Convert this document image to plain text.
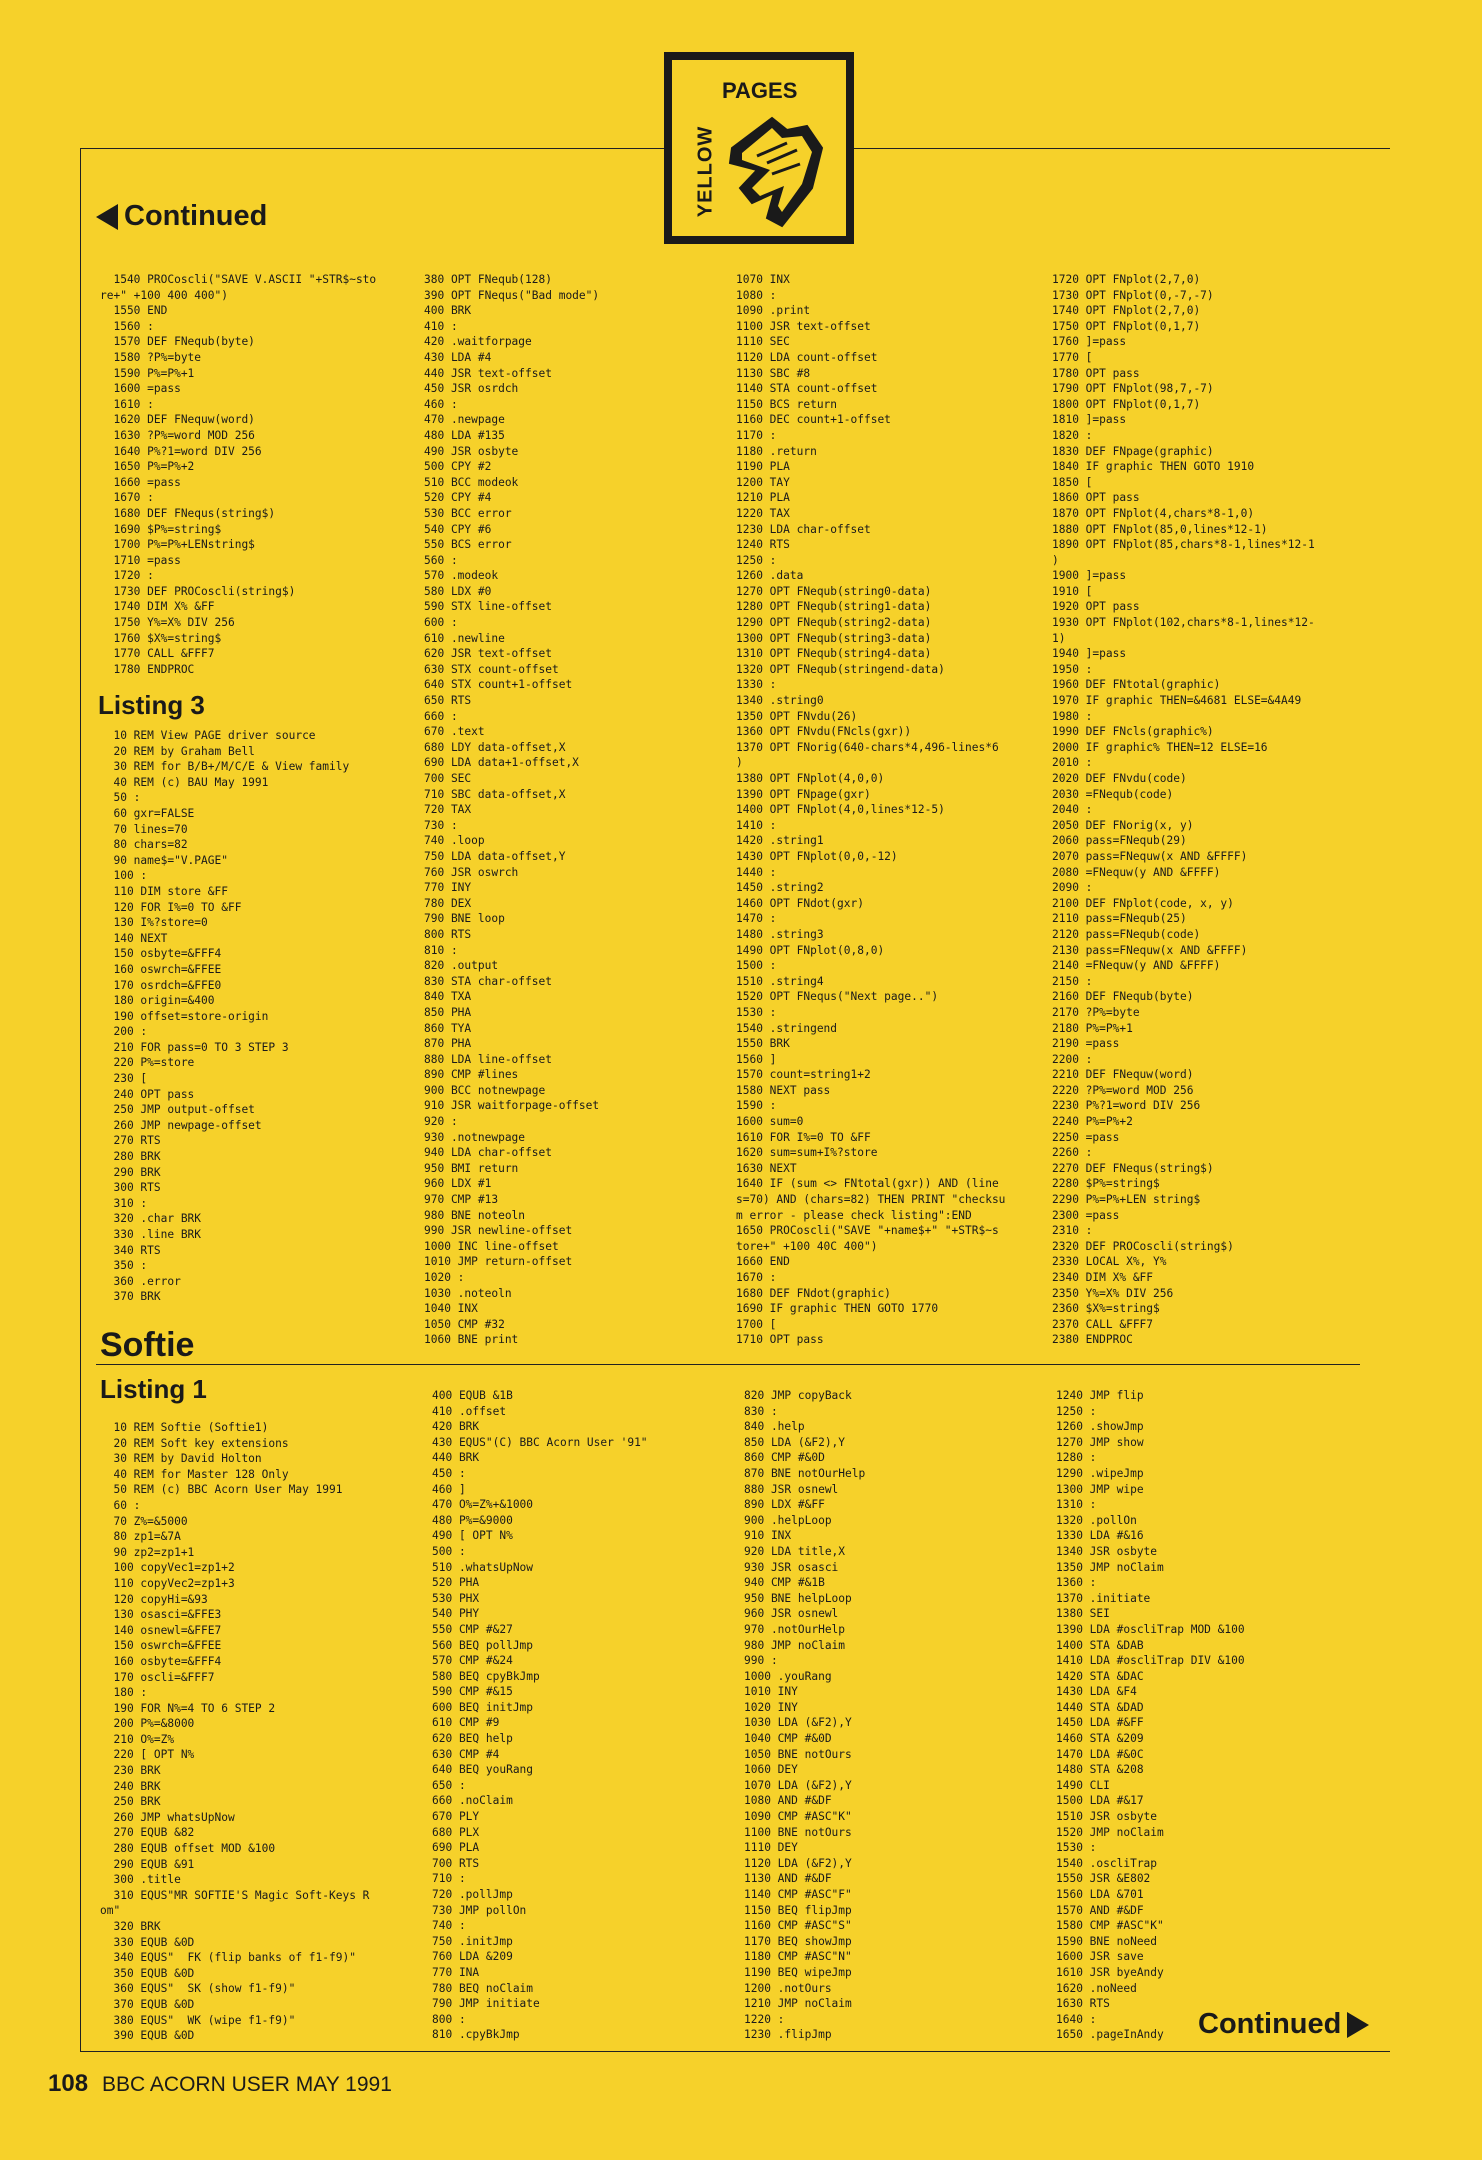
PAGES
YELLOW
Continued
1540 PROCoscli("SAVE V.ASCII "+STR$~sto
re+" +100 400 400")
1550 END
1560 :
1570 DEF FNequb(byte)
1580 ?P%=byte
1590 P%=P%+1
1600 =pass
1610 :
1620 DEF FNequw(word)
1630 ?P%=word MOD 256
1640 P%?1=word DIV 256
1650 P%=P%+2
1660 =pass
1670 :
1680 DEF FNequs(string$)
1690 $P%=string$
1700 P%=P%+LENstring$
1710 =pass
1720 :
1730 DEF PROCoscli(string$)
1740 DIM X% &FF
1750 Y%=X% DIV 256
1760 $X%=string$
1770 CALL &FFF7
1780 ENDPROC
Listing 3
10 REM View PAGE driver source
20 REM by Graham Bell
30 REM for B/B+/M/C/E & View family
40 REM (c) BAU May 1991
50 :
60 gxr=FALSE
70 lines=70
80 chars=82
90 name$="V.PAGE"
100 :
110 DIM store &FF
120 FOR I%=0 TO &FF
130 I%?store=0
140 NEXT
150 osbyte=&FFF4
160 oswrch=&FFEE
170 osrdch=&FFE0
180 origin=&400
190 offset=store-origin
200 :
210 FOR pass=0 TO 3 STEP 3
220 P%=store
230 [
240 OPT pass
250 JMP output-offset
260 JMP newpage-offset
270 RTS
280 BRK
290 BRK
300 RTS
310 :
320 .char BRK
330 .line BRK
340 RTS
350 :
360 .error
370 BRK
380 OPT FNequb(128)
390 OPT FNequs("Bad mode")
400 BRK
410 :
420 .waitforpage
430 LDA #4
440 JSR text-offset
450 JSR osrdch
460 :
470 .newpage
480 LDA #135
490 JSR osbyte
500 CPY #2
510 BCC modeok
520 CPY #4
530 BCC error
540 CPY #6
550 BCS error
560 :
570 .modeok
580 LDX #0
590 STX line-offset
600 :
610 .newline
620 JSR text-offset
630 STX count-offset
640 STX count+1-offset
650 RTS
660 :
670 .text
680 LDY data-offset,X
690 LDA data+1-offset,X
700 SEC
710 SBC data-offset,X
720 TAX
730 :
740 .loop
750 LDA data-offset,Y
760 JSR oswrch
770 INY
780 DEX
790 BNE loop
800 RTS
810 :
820 .output
830 STA char-offset
840 TXA
850 PHA
860 TYA
870 PHA
880 LDA line-offset
890 CMP #lines
900 BCC notnewpage
910 JSR waitforpage-offset
920 :
930 .notnewpage
940 LDA char-offset
950 BMI return
960 LDX #1
970 CMP #13
980 BNE noteoln
990 JSR newline-offset
1000 INC line-offset
1010 JMP return-offset
1020 :
1030 .noteoln
1040 INX
1050 CMP #32
1060 BNE print
1070 INX
1080 :
1090 .print
1100 JSR text-offset
1110 SEC
1120 LDA count-offset
1130 SBC #8
1140 STA count-offset
1150 BCS return
1160 DEC count+1-offset
1170 :
1180 .return
1190 PLA
1200 TAY
1210 PLA
1220 TAX
1230 LDA char-offset
1240 RTS
1250 :
1260 .data
1270 OPT FNequb(string0-data)
1280 OPT FNequb(string1-data)
1290 OPT FNequb(string2-data)
1300 OPT FNequb(string3-data)
1310 OPT FNequb(string4-data)
1320 OPT FNequb(stringend-data)
1330 :
1340 .string0
1350 OPT FNvdu(26)
1360 OPT FNvdu(FNcls(gxr))
1370 OPT FNorig(640-chars*4,496-lines*6
)
1380 OPT FNplot(4,0,0)
1390 OPT FNpage(gxr)
1400 OPT FNplot(4,0,lines*12-5)
1410 :
1420 .string1
1430 OPT FNplot(0,0,-12)
1440 :
1450 .string2
1460 OPT FNdot(gxr)
1470 :
1480 .string3
1490 OPT FNplot(0,8,0)
1500 :
1510 .string4
1520 OPT FNequs("Next page..")
1530 :
1540 .stringend
1550 BRK
1560 ]
1570 count=string1+2
1580 NEXT pass
1590 :
1600 sum=0
1610 FOR I%=0 TO &FF
1620 sum=sum+I%?store
1630 NEXT
1640 IF (sum <> FNtotal(gxr)) AND (line
s=70) AND (chars=82) THEN PRINT "checksu
m error - please check listing":END
1650 PROCoscli("SAVE "+name$+" "+STR$~s
tore+" +100 40C 400")
1660 END
1670 :
1680 DEF FNdot(graphic)
1690 IF graphic THEN GOTO 1770
1700 [
1710 OPT pass
1720 OPT FNplot(2,7,0)
1730 OPT FNplot(0,-7,-7)
1740 OPT FNplot(2,7,0)
1750 OPT FNplot(0,1,7)
1760 ]=pass
1770 [
1780 OPT pass
1790 OPT FNplot(98,7,-7)
1800 OPT FNplot(0,1,7)
1810 ]=pass
1820 :
1830 DEF FNpage(graphic)
1840 IF graphic THEN GOTO 1910
1850 [
1860 OPT pass
1870 OPT FNplot(4,chars*8-1,0)
1880 OPT FNplot(85,0,lines*12-1)
1890 OPT FNplot(85,chars*8-1,lines*12-1
)
1900 ]=pass
1910 [
1920 OPT pass
1930 OPT FNplot(102,chars*8-1,lines*12-
1)
1940 ]=pass
1950 :
1960 DEF FNtotal(graphic)
1970 IF graphic THEN=&4681 ELSE=&4A49
1980 :
1990 DEF FNcls(graphic%)
2000 IF graphic% THEN=12 ELSE=16
2010 :
2020 DEF FNvdu(code)
2030 =FNequb(code)
2040 :
2050 DEF FNorig(x, y)
2060 pass=FNequb(29)
2070 pass=FNequw(x AND &FFFF)
2080 =FNequw(y AND &FFFF)
2090 :
2100 DEF FNplot(code, x, y)
2110 pass=FNequb(25)
2120 pass=FNequb(code)
2130 pass=FNequw(x AND &FFFF)
2140 =FNequw(y AND &FFFF)
2150 :
2160 DEF FNequb(byte)
2170 ?P%=byte
2180 P%=P%+1
2190 =pass
2200 :
2210 DEF FNequw(word)
2220 ?P%=word MOD 256
2230 P%?1=word DIV 256
2240 P%=P%+2
2250 =pass
2260 :
2270 DEF FNequs(string$)
2280 $P%=string$
2290 P%=P%+LEN string$
2300 =pass
2310 :
2320 DEF PROCoscli(string$)
2330 LOCAL X%, Y%
2340 DIM X% &FF
2350 Y%=X% DIV 256
2360 $X%=string$
2370 CALL &FFF7
2380 ENDPROC
Softie
Listing 1
10 REM Softie (Softie1)
20 REM Soft key extensions
30 REM by David Holton
40 REM for Master 128 Only
50 REM (c) BBC Acorn User May 1991
60 :
70 Z%=&5000
80 zp1=&7A
90 zp2=zp1+1
100 copyVec1=zp1+2
110 copyVec2=zp1+3
120 copyHi=&93
130 osasci=&FFE3
140 osnewl=&FFE7
150 oswrch=&FFEE
160 osbyte=&FFF4
170 oscli=&FFF7
180 :
190 FOR N%=4 TO 6 STEP 2
200 P%=&8000
210 O%=Z%
220 [ OPT N%
230 BRK
240 BRK
250 BRK
260 JMP whatsUpNow
270 EQUB &82
280 EQUB offset MOD &100
290 EQUB &91
300 .title
310 EQUS"MR SOFTIE'S Magic Soft-Keys R
om"
320 BRK
330 EQUB &0D
340 EQUS"  FK (flip banks of f1-f9)"
350 EQUB &0D
360 EQUS"  SK (show f1-f9)"
370 EQUB &0D
380 EQUS"  WK (wipe f1-f9)"
390 EQUB &0D
400 EQUB &1B
410 .offset
420 BRK
430 EQUS"(C) BBC Acorn User '91"
440 BRK
450 :
460 ]
470 O%=Z%+&1000
480 P%=&9000
490 [ OPT N%
500 :
510 .whatsUpNow
520 PHA
530 PHX
540 PHY
550 CMP #&27
560 BEQ pollJmp
570 CMP #&24
580 BEQ cpyBkJmp
590 CMP #&15
600 BEQ initJmp
610 CMP #9
620 BEQ help
630 CMP #4
640 BEQ youRang
650 :
660 .noClaim
670 PLY
680 PLX
690 PLA
700 RTS
710 :
720 .pollJmp
730 JMP pollOn
740 :
750 .initJmp
760 LDA &209
770 INA
780 BEQ noClaim
790 JMP initiate
800 :
810 .cpyBkJmp
820 JMP copyBack
830 :
840 .help
850 LDA (&F2),Y
860 CMP #&0D
870 BNE notOurHelp
880 JSR osnewl
890 LDX #&FF
900 .helpLoop
910 INX
920 LDA title,X
930 JSR osasci
940 CMP #&1B
950 BNE helpLoop
960 JSR osnewl
970 .notOurHelp
980 JMP noClaim
990 :
1000 .youRang
1010 INY
1020 INY
1030 LDA (&F2),Y
1040 CMP #&0D
1050 BNE notOurs
1060 DEY
1070 LDA (&F2),Y
1080 AND #&DF
1090 CMP #ASC"K"
1100 BNE notOurs
1110 DEY
1120 LDA (&F2),Y
1130 AND #&DF
1140 CMP #ASC"F"
1150 BEQ flipJmp
1160 CMP #ASC"S"
1170 BEQ showJmp
1180 CMP #ASC"N"
1190 BEQ wipeJmp
1200 .notOurs
1210 JMP noClaim
1220 :
1230 .flipJmp
1240 JMP flip
1250 :
1260 .showJmp
1270 JMP show
1280 :
1290 .wipeJmp
1300 JMP wipe
1310 :
1320 .pollOn
1330 LDA #&16
1340 JSR osbyte
1350 JMP noClaim
1360 :
1370 .initiate
1380 SEI
1390 LDA #oscliTrap MOD &100
1400 STA &DAB
1410 LDA #oscliTrap DIV &100
1420 STA &DAC
1430 LDA &F4
1440 STA &DAD
1450 LDA #&FF
1460 STA &209
1470 LDA #&0C
1480 STA &208
1490 CLI
1500 LDA #&17
1510 JSR osbyte
1520 JMP noClaim
1530 :
1540 .oscliTrap
1550 JSR &E802
1560 LDA &701
1570 AND #&DF
1580 CMP #ASC"K"
1590 BNE noNeed
1600 JSR save
1610 JSR byeAndy
1620 .noNeed
1630 RTS
1640 :
1650 .pageInAndy	Continued
108 BBC ACORN USER MAY 1991
